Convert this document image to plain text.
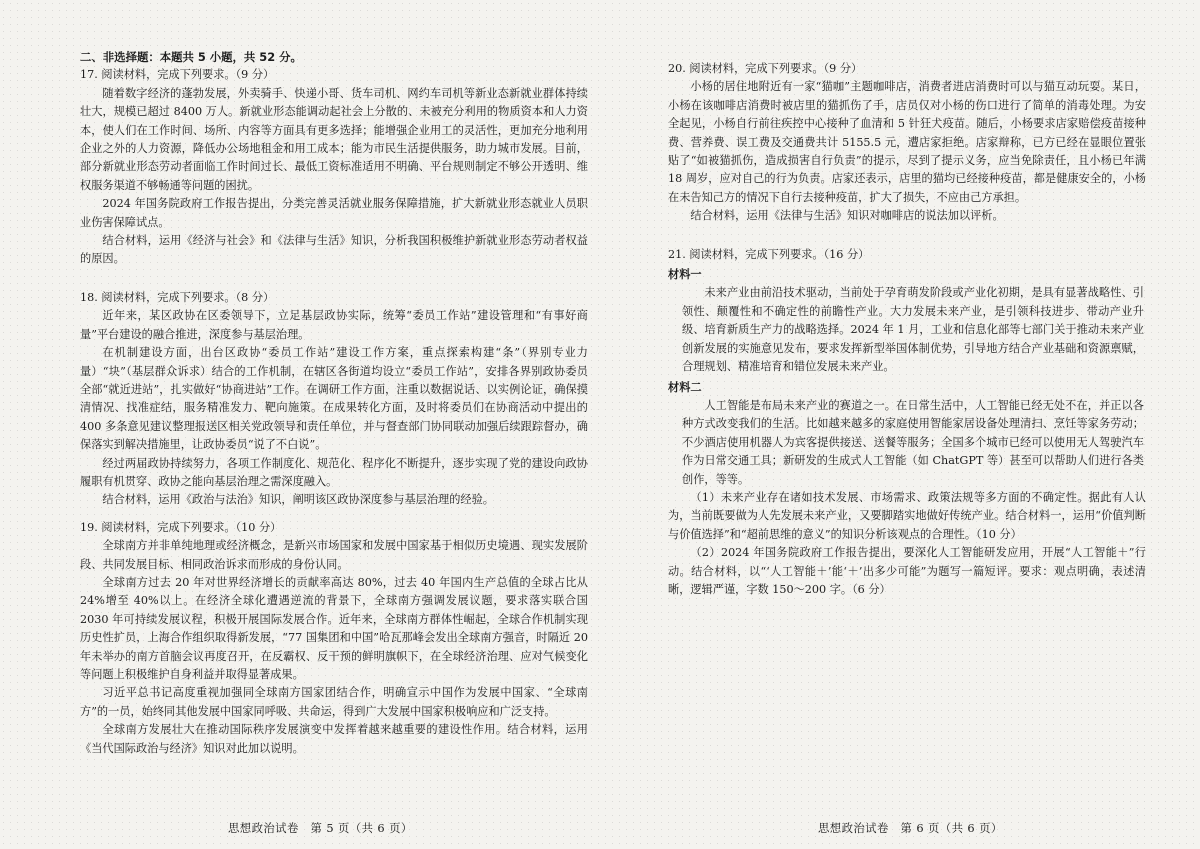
二、非选择题：本题共 5 小题，共 52 分。

17. 阅读材料，完成下列要求。（9 分）

随着数字经济的蓬勃发展，外卖骑手、快递小哥、货车司机、网约车司机等新业态新就业群体持续壮大，规模已超过 8400 万人。新就业形态能调动起社会上分散的、未被充分利用的物质资本和人力资本，使人们在工作时间、场所、内容等方面具有更多选择；能增强企业用工的灵活性，更加充分地利用企业之外的人力资源，降低办公场地租金和用工成本；能为市民生活提供服务，助力城市发展。目前，部分新就业形态劳动者面临工作时间过长、最低工资标准适用不明确、平台规则制定不够公开透明、维权服务渠道不够畅通等问题的困扰。

2024 年国务院政府工作报告提出，分类完善灵活就业服务保障措施，扩大新就业形态就业人员职业伤害保障试点。

结合材料，运用《经济与社会》和《法律与生活》知识，分析我国积极维护新就业形态劳动者权益的原因。

18. 阅读材料，完成下列要求。（8 分）

近年来，某区政协在区委领导下，立足基层政协实际，统筹“委员工作站”建设管理和“有事好商量”平台建设的融合推进，深度参与基层治理。

在机制建设方面，出台区政协“委员工作站”建设工作方案，重点探索构建“条”（界别专业力量）“块”（基层群众诉求）结合的工作机制，在辖区各街道均设立“委员工作站”，安排各界别政协委员全部“就近进站”，扎实做好“协商进站”工作。在调研工作方面，注重以数据说话、以实例论证，确保摸清情况、找准症结，服务精准发力、靶向施策。在成果转化方面，及时将委员们在协商活动中提出的 400 多条意见建议整理报送区相关党政领导和责任单位，并与督查部门协同联动加强后续跟踪督办，确保落实到解决措施里，让政协委员“说了不白说”。

经过两届政协持续努力，各项工作制度化、规范化、程序化不断提升，逐步实现了党的建设向政协履职有机贯穿、政协之能向基层治理之需深度融入。

结合材料，运用《政治与法治》知识，阐明该区政协深度参与基层治理的经验。

19. 阅读材料，完成下列要求。（10 分）

全球南方并非单纯地理或经济概念，是新兴市场国家和发展中国家基于相似历史境遇、现实发展阶段、共同发展目标、相同政治诉求而形成的身份认同。

全球南方过去 20 年对世界经济增长的贡献率高达 80%，过去 40 年国内生产总值的全球占比从 24%增至 40%以上。在经济全球化遭遇逆流的背景下，全球南方强调发展议题，要求落实联合国 2030 年可持续发展议程，积极开展国际发展合作。近年来，全球南方群体性崛起，全球合作机制实现历史性扩员，上海合作组织取得新发展，“77 国集团和中国”哈瓦那峰会发出全球南方强音，时隔近 20 年未举办的南方首脑会议再度召开，在反霸权、反干预的鲜明旗帜下，在全球经济治理、应对气候变化等问题上积极维护自身利益并取得显著成果。

习近平总书记高度重视加强同全球南方国家团结合作，明确宣示中国作为发展中国家、“全球南方”的一员，始终同其他发展中国家同呼吸、共命运，得到广大发展中国家积极响应和广泛支持。

全球南方发展壮大在推动国际秩序发展演变中发挥着越来越重要的建设性作用。结合材料，运用《当代国际政治与经济》知识对此加以说明。

思想政治试卷　第 5 页（共 6 页）

20. 阅读材料，完成下列要求。（9 分）

小杨的居住地附近有一家“猫咖”主题咖啡店，消费者进店消费时可以与猫互动玩耍。某日，小杨在该咖啡店消费时被店里的猫抓伤了手，店员仅对小杨的伤口进行了简单的消毒处理。为安全起见，小杨自行前往疾控中心接种了血清和 5 针狂犬疫苗。随后，小杨要求店家赔偿疫苗接种费、营养费、误工费及交通费共计 5155.5 元，遭店家拒绝。店家辩称，已方已经在显眼位置张贴了“如被猫抓伤，造成损害自行负责”的提示，尽到了提示义务，应当免除责任，且小杨已年满 18 周岁，应对自己的行为负责。店家还表示，店里的猫均已经接种疫苗，都是健康安全的，小杨在未告知己方的情况下自行去接种疫苗，扩大了损失，不应由己方承担。

结合材料，运用《法律与生活》知识对咖啡店的说法加以评析。

21. 阅读材料，完成下列要求。（16 分）

材料一

未来产业由前沿技术驱动，当前处于孕育萌发阶段或产业化初期，是具有显著战略性、引领性、颠覆性和不确定性的前瞻性产业。大力发展未来产业，是引领科技进步、带动产业升级、培育新质生产力的战略选择。2024 年 1 月，工业和信息化部等七部门关于推动未来产业创新发展的实施意见发布，要求发挥新型举国体制优势，引导地方结合产业基础和资源禀赋，合理规划、精准培育和错位发展未来产业。

材料二

人工智能是布局未来产业的赛道之一。在日常生活中，人工智能已经无处不在，并正以各种方式改变我们的生活。比如越来越多的家庭使用智能家居设备处理清扫、烹饪等家务劳动；不少酒店使用机器人为宾客提供接送、送餐等服务；全国多个城市已经可以使用无人驾驶汽车作为日常交通工具；新研发的生成式人工智能（如 ChatGPT 等）甚至可以帮助人们进行各类创作，等等。

（1）未来产业存在诸如技术发展、市场需求、政策法规等多方面的不确定性。据此有人认为，当前既要做为人先发展未来产业，又要脚踏实地做好传统产业。结合材料一，运用“价值判断与价值选择”和“超前思维的意义”的知识分析该观点的合理性。（10 分）

（2）2024 年国务院政府工作报告提出，要深化人工智能研发应用，开展“人工智能＋”行动。结合材料，以“‘人工智能＋’能‘＋’出多少可能”为题写一篇短评。要求：观点明确，表述清晰，逻辑严谨，字数 150～200 字。（6 分）

思想政治试卷　第 6 页（共 6 页）
